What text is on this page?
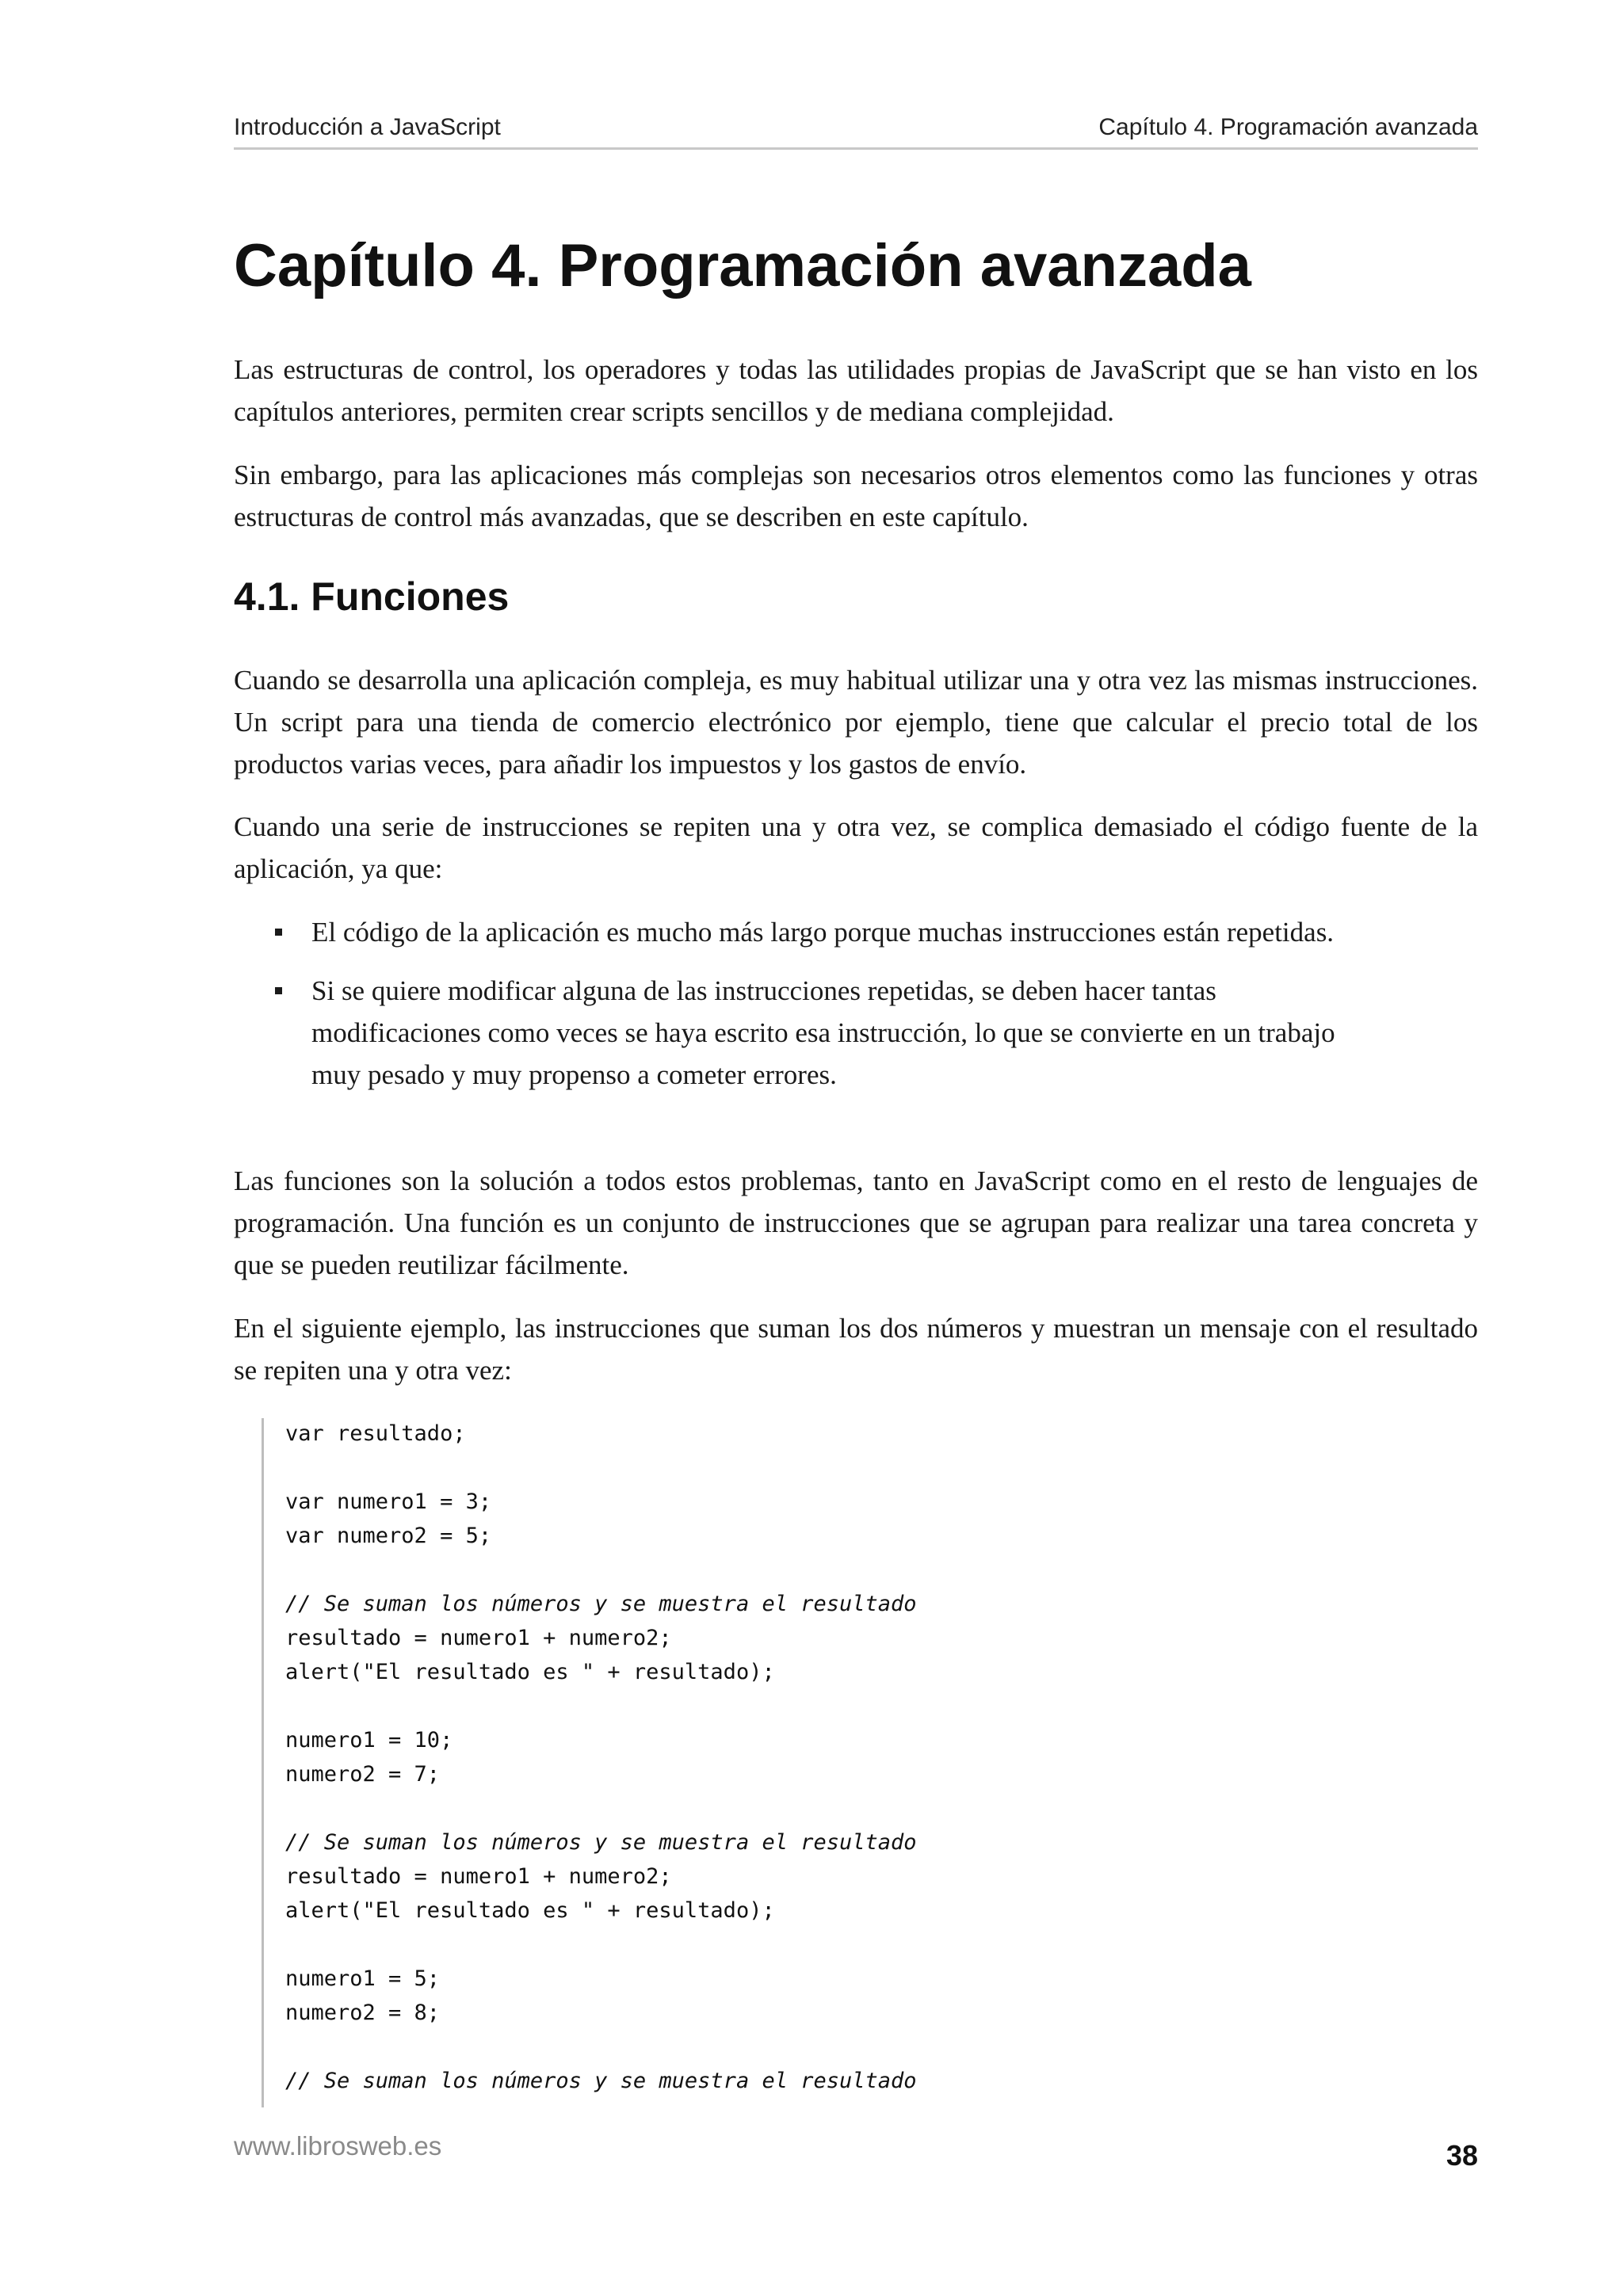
Introducción a JavaScript	Capítulo 4. Programación avanzada
Capítulo 4. Programación avanzada

Las estructuras de control, los operadores y todas las utilidades propias de JavaScript que se han visto en los capítulos anteriores, permiten crear scripts sencillos y de mediana complejidad.

Sin embargo, para las aplicaciones más complejas son necesarios otros elementos como las funciones y otras estructuras de control más avanzadas, que se describen en este capítulo.

4.1. Funciones

Cuando se desarrolla una aplicación compleja, es muy habitual utilizar una y otra vez las mismas instrucciones. Un script para una tienda de comercio electrónico por ejemplo, tiene que calcular el precio total de los productos varias veces, para añadir los impuestos y los gastos de envío.

Cuando una serie de instrucciones se repiten una y otra vez, se complica demasiado el código fuente de la aplicación, ya que:

El código de la aplicación es mucho más largo porque muchas instrucciones están repetidas.
Si se quiere modificar alguna de las instrucciones repetidas, se deben hacer tantas modificaciones como veces se haya escrito esa instrucción, lo que se convierte en un trabajo muy pesado y muy propenso a cometer errores.

Las funciones son la solución a todos estos problemas, tanto en JavaScript como en el resto de lenguajes de programación. Una función es un conjunto de instrucciones que se agrupan para realizar una tarea concreta y que se pueden reutilizar fácilmente.

En el siguiente ejemplo, las instrucciones que suman los dos números y muestran un mensaje con el resultado se repiten una y otra vez:

var resultado;
var numero1 = 3;
var numero2 = 5;
// Se suman los números y se muestra el resultado
resultado = numero1 + numero2;
alert("El resultado es " + resultado);
numero1 = 10;
numero2 = 7;
// Se suman los números y se muestra el resultado
resultado = numero1 + numero2;
alert("El resultado es " + resultado);
numero1 = 5;
numero2 = 8;
// Se suman los números y se muestra el resultado
www.librosweb.es	38
